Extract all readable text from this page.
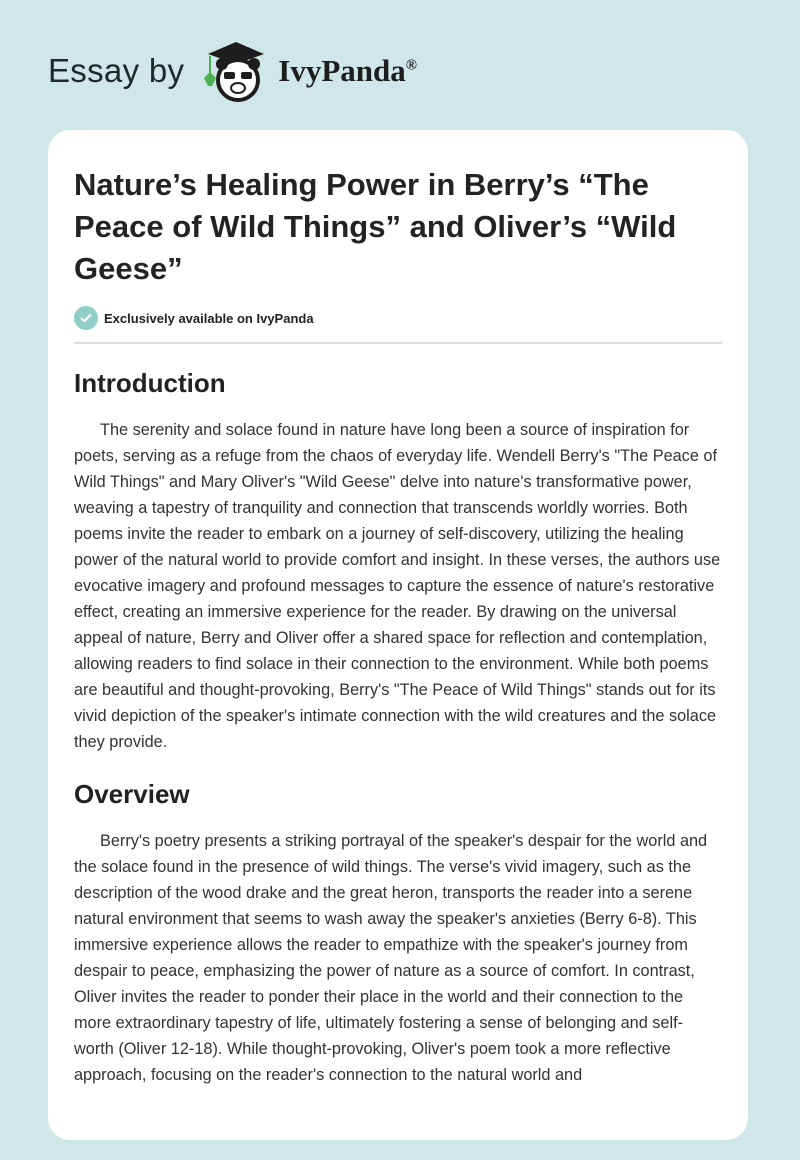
Essay by	IvyPanda®
Nature’s Healing Power in Berry’s “The Peace of Wild Things” and Oliver’s “Wild Geese”
Exclusively available on IvyPanda
Introduction

The serenity and solace found in nature have long been a source of inspiration for poets, serving as a refuge from the chaos of everyday life. Wendell Berry's "The Peace of Wild Things" and Mary Oliver's "Wild Geese" delve into nature's transformative power, weaving a tapestry of tranquility and connection that transcends worldly worries. Both poems invite the reader to embark on a journey of self-discovery, utilizing the healing power of the natural world to provide comfort and insight. In these verses, the authors use evocative imagery and profound messages to capture the essence of nature's restorative effect, creating an immersive experience for the reader. By drawing on the universal appeal of nature, Berry and Oliver offer a shared space for reflection and contemplation, allowing readers to find solace in their connection to the environment. While both poems are beautiful and thought-provoking, Berry's "The Peace of Wild Things" stands out for its vivid depiction of the speaker's intimate connection with the wild creatures and the solace they provide.

Overview

Berry's poetry presents a striking portrayal of the speaker's despair for the world and the solace found in the presence of wild things. The verse's vivid imagery, such as the description of the wood drake and the great heron, transports the reader into a serene natural environment that seems to wash away the speaker's anxieties (Berry 6-8). This immersive experience allows the reader to empathize with the speaker's journey from despair to peace, emphasizing the power of nature as a source of comfort. In contrast, Oliver invites the reader to ponder their place in the world and their connection to the more extraordinary tapestry of life, ultimately fostering a sense of belonging and self-worth (Oliver 12-18). While thought-provoking, Oliver's poem took a more reflective approach, focusing on the reader's connection to the natural world and
